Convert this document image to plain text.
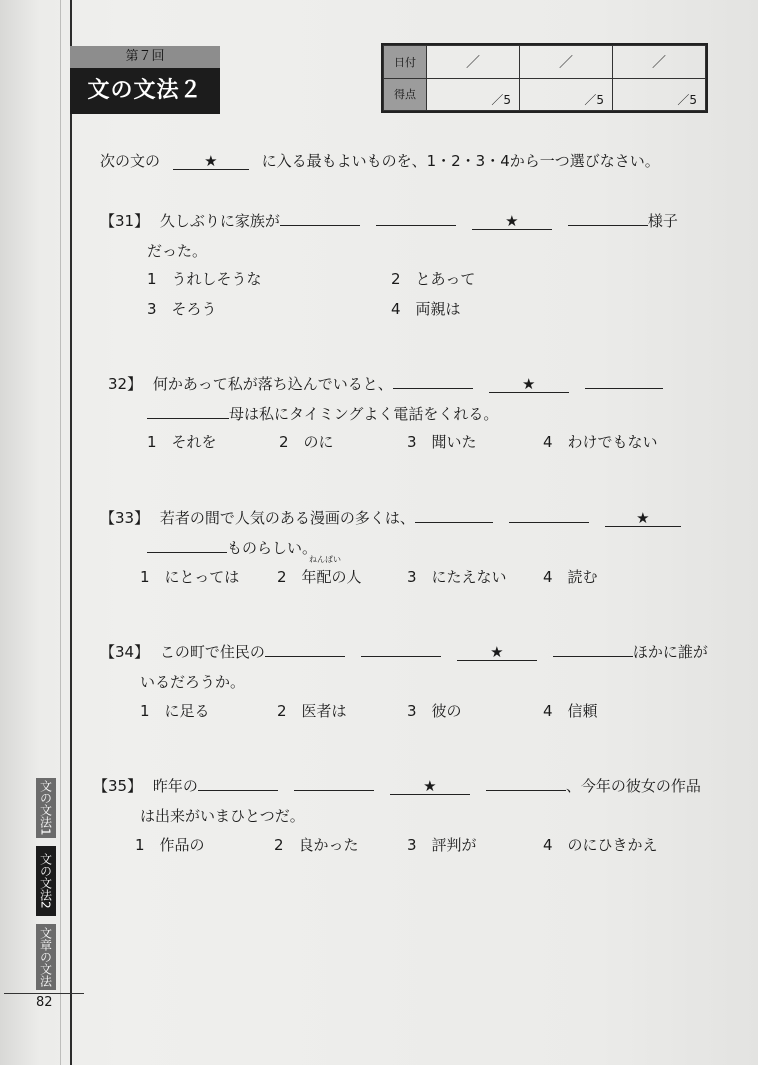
第７回
文の文法２
日付	／	／	／

得点	／5	／5	／5
次の文の	★	に入る最もよいものを、1・2・3・4から一つ選びなさい。
【31】 久しぶりに家族が	★	様子
だった。
1　うれしそうな	2　とあって
3　そろう	4　両親は
32】 何かあって私が落ち込んでいると、	★
母は私にタイミングよく電話をくれる。
1　それを	2　のに	3　聞いた	4　わけでもない
【33】 若者の間で人気のある漫画の多くは、	★
ものらしい。
1　にとっては
ねんぱい
2　年配の人	3　にたえない 4　読む
【34】 この町で住民の	★	ほかに誰が
いるだろうか。
1　に足る	2　医者は	3　彼の	4　信頼
【35】 昨年の	★	、今年の彼女の作品
は出来がいまひとつだ。
1　作品の	2　良かった	3　評判が	4　のにひきかえ
文の文法1
文の文法2
文章の文法
82
